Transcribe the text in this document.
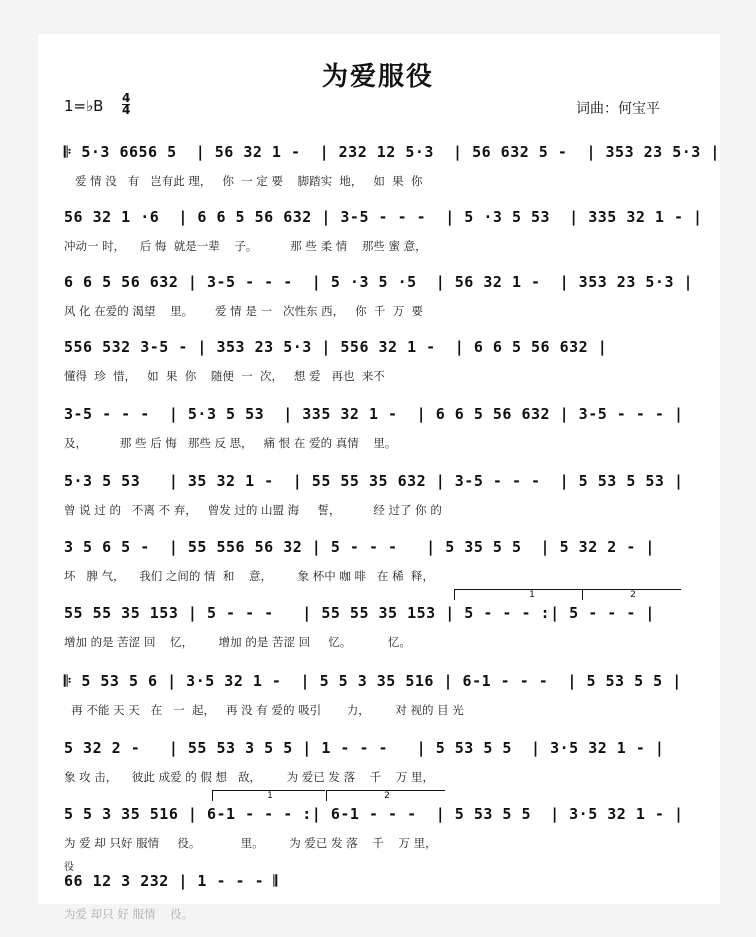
为爱服役
1=♭B 4
4	词曲：何宝平
𝄆 5·3 6656 5  | 56 32 1 -  | 232 12 5·3  | 56 632 5 -  | 353 23 5·3 |
爱 情 没   有   岂有此 理，   你  一 定 要    脚踏实  地，   如  果  你
56 32 1 ·6  | 6 6 5 56 632 | 3-5 - - -  | 5 ·3 5 53  | 335 32 1 - |
冲动一 时，    后 悔  就是一辈    子。         那 些 柔 情    那些 蜜 意，
6 6 5 56 632 | 3-5 - - -  | 5 ·3 5 ·5  | 56 32 1 -  | 353 23 5·3 |
风 化 在爱的 渴望    里。      爱 情 是 一   次性东 西，   你  千  万  要
556 532 3-5 - | 353 23 5·3 | 556 32 1 -  | 6 6 5 56 632 |
懂得  珍  惜，   如  果  你    随便  一  次，   想 爱   再也  来不
3-5 - - -  | 5·3 5 53  | 335 32 1 -  | 6 6 5 56 632 | 3-5 - - - |
及，         那 些 后 悔   那些 反 思，   痛 恨 在 爱的 真情    里。
5·3 5 53   | 35 32 1 -  | 55 55 35 632 | 3-5 - - -  | 5 53 5 53 |
曾 说 过 的   不离 不 弃，   曾发 过的 山盟 海     誓，         经 过了 你 的
3 5 6 5 -  | 55 556 56 32 | 5 - - -   | 5 35 5 5  | 5 32 2 - |
坏   脾 气，    我们 之间的 情  和    意，       象 杯中 咖 啡   在 稀  释，
1	2
55 55 35 153 | 5 - - -   | 55 55 35 153 | 5 - - - :| 5 - - - |
增加 的是 苦涩 回    忆，       增加 的是 苦涩 回     忆。          忆。
𝄆 5 53 5 6 | 3·5 32 1 -  | 5 5 3 35 516 | 6-1 - - -  | 5 53 5 5 |
再 不能 天 天   在   一  起，   再 没 有 爱的 吸引       力，       对 视的 目 光
5 32 2 -   | 55 53 3 5 5 | 1 - - -   | 5 53 5 5  | 3·5 32 1 - |
象 攻 击，    彼此 成爱 的 假 想   敌，       为 爱已 发 落    千    万 里，
1	2
5 5 3 35 516 | 6-1 - - - :| 6-1 - - -  | 5 53 5 5  | 3·5 32 1 - |
为 爱 却 只好 服情     役。           里。       为 爱已 发 落    千    万 里，
役
66 12 3 232 | 1 - - - 𝄂
为爱 却只 好 服情    役。
